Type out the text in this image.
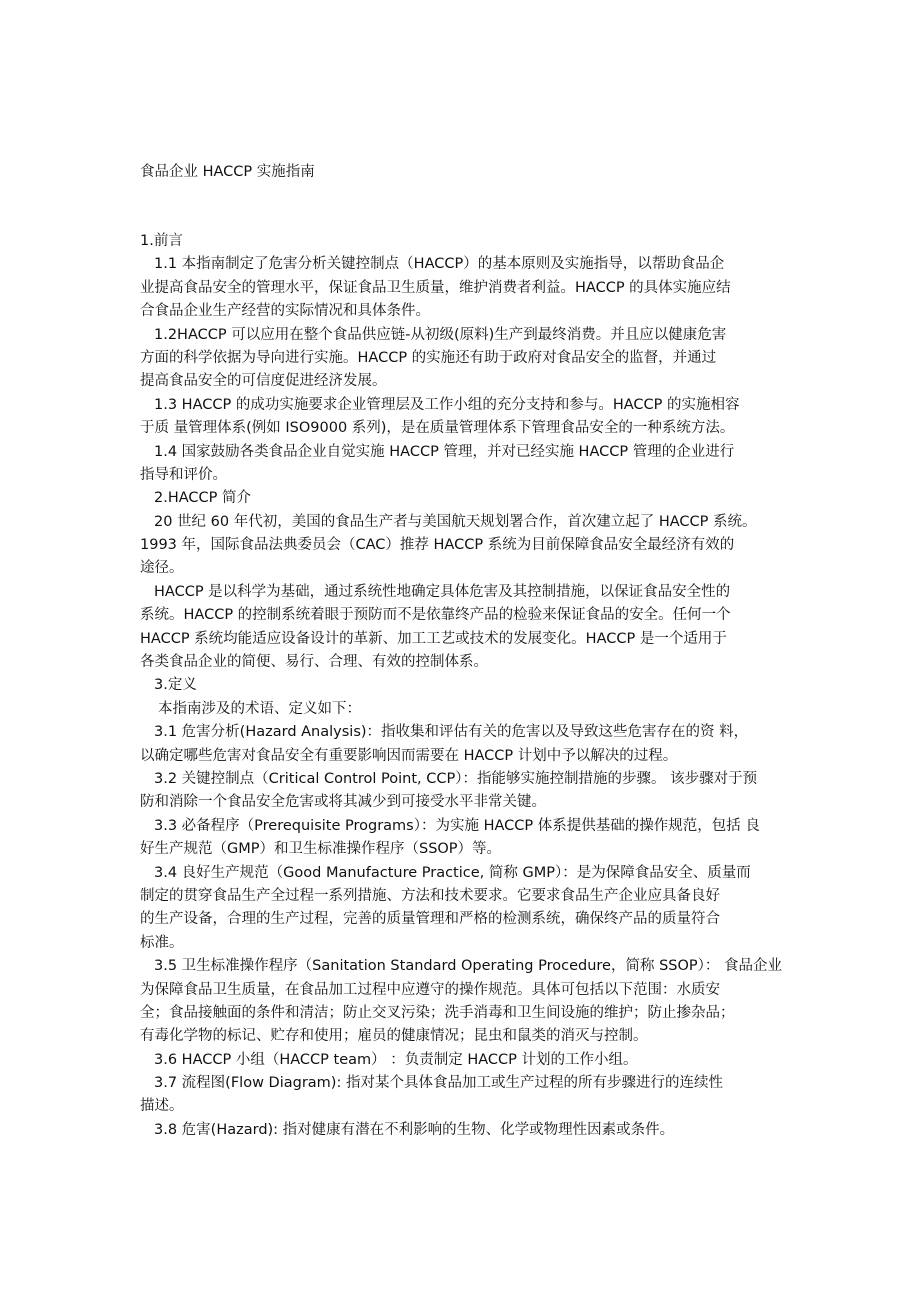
食品企业 HACCP 实施指南
1.前言
1.1 本指南制定了危害分析关键控制点（HACCP）的基本原则及实施指导，以帮助食品企
业提高食品安全的管理水平，保证食品卫生质量，维护消费者利益。HACCP 的具体实施应结
合食品企业生产经营的实际情况和具体条件。
1.2HACCP 可以应用在整个食品供应链-从初级(原料)生产到最终消费。并且应以健康危害
方面的科学依据为导向进行实施。HACCP 的实施还有助于政府对食品安全的监督，并通过
提高食品安全的可信度促进经济发展。
1.3 HACCP 的成功实施要求企业管理层及工作小组的充分支持和参与。HACCP 的实施相容
于质 量管理体系(例如 ISO9000 系列)，是在质量管理体系下管理食品安全的一种系统方法。
1.4 国家鼓励各类食品企业自觉实施 HACCP 管理，并对已经实施 HACCP 管理的企业进行
指导和评价。
2.HACCP 简介
20 世纪 60 年代初，美国的食品生产者与美国航天规划署合作，首次建立起了 HACCP 系统。
1993 年，国际食品法典委员会（CAC）推荐 HACCP 系统为目前保障食品安全最经济有效的
途径。
HACCP 是以科学为基础，通过系统性地确定具体危害及其控制措施，以保证食品安全性的
系统。HACCP 的控制系统着眼于预防而不是依靠终产品的检验来保证食品的安全。任何一个
HACCP 系统均能适应设备设计的革新、加工工艺或技术的发展变化。HACCP 是一个适用于
各类食品企业的简便、易行、合理、有效的控制体系。
3.定义
本指南涉及的术语、定义如下：
3.1 危害分析(Hazard Analysis)：指收集和评估有关的危害以及导致这些危害存在的资 料，
以确定哪些危害对食品安全有重要影响因而需要在 HACCP 计划中予以解决的过程。
3.2 关键控制点（Critical Control Point, CCP）：指能够实施控制措施的步骤。 该步骤对于预
防和消除一个食品安全危害或将其减少到可接受水平非常关键。
3.3 必备程序（Prerequisite Programs）：为实施 HACCP 体系提供基础的操作规范，包括 良
好生产规范（GMP）和卫生标准操作程序（SSOP）等。
3.4 良好生产规范（Good Manufacture Practice, 简称 GMP）：是为保障食品安全、质量而
制定的贯穿食品生产全过程一系列措施、方法和技术要求。它要求食品生产企业应具备良好
的生产设备，合理的生产过程，完善的质量管理和严格的检测系统，确保终产品的质量符合
标准。
3.5 卫生标准操作程序（Sanitation Standard Operating Procedure，简称 SSOP）： 食品企业
为保障食品卫生质量，在食品加工过程中应遵守的操作规范。具体可包括以下范围：水质安
全；食品接触面的条件和清洁；防止交叉污染；洗手消毒和卫生间设施的维护；防止掺杂品；
有毒化学物的标记、贮存和使用；雇员的健康情况；昆虫和鼠类的消灭与控制。
3.6 HACCP 小组（HACCP team） ：负责制定 HACCP 计划的工作小组。
3.7 流程图(Flow Diagram): 指对某个具体食品加工或生产过程的所有步骤进行的连续性
描述。
3.8 危害(Hazard): 指对健康有潜在不利影响的生物、化学或物理性因素或条件。
